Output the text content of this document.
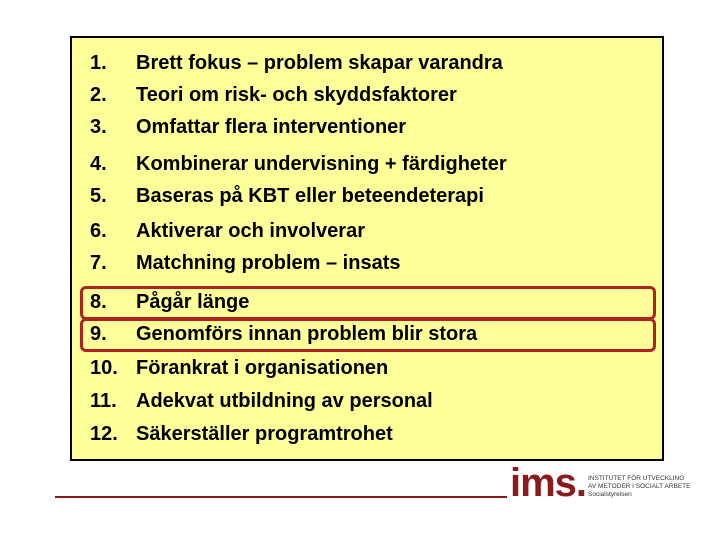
1. Brett fokus – problem skapar varandra
2. Teori om risk- och skyddsfaktorer
3. Omfattar flera interventioner
4. Kombinerar undervisning + färdigheter
5. Baseras på KBT eller beteendeterapi
6. Aktiverar och involverar
7. Matchning problem – insats
8. Pågår länge
9. Genomförs innan problem blir stora
10. Förankrat i organisationen
11. Adekvat utbildning av personal
12. Säkerställer programtrohet
ims. INSTITUTET FÖR UTVECKLING
AV METODER I SOCIALT ARBETE
Socialstyrelsen
